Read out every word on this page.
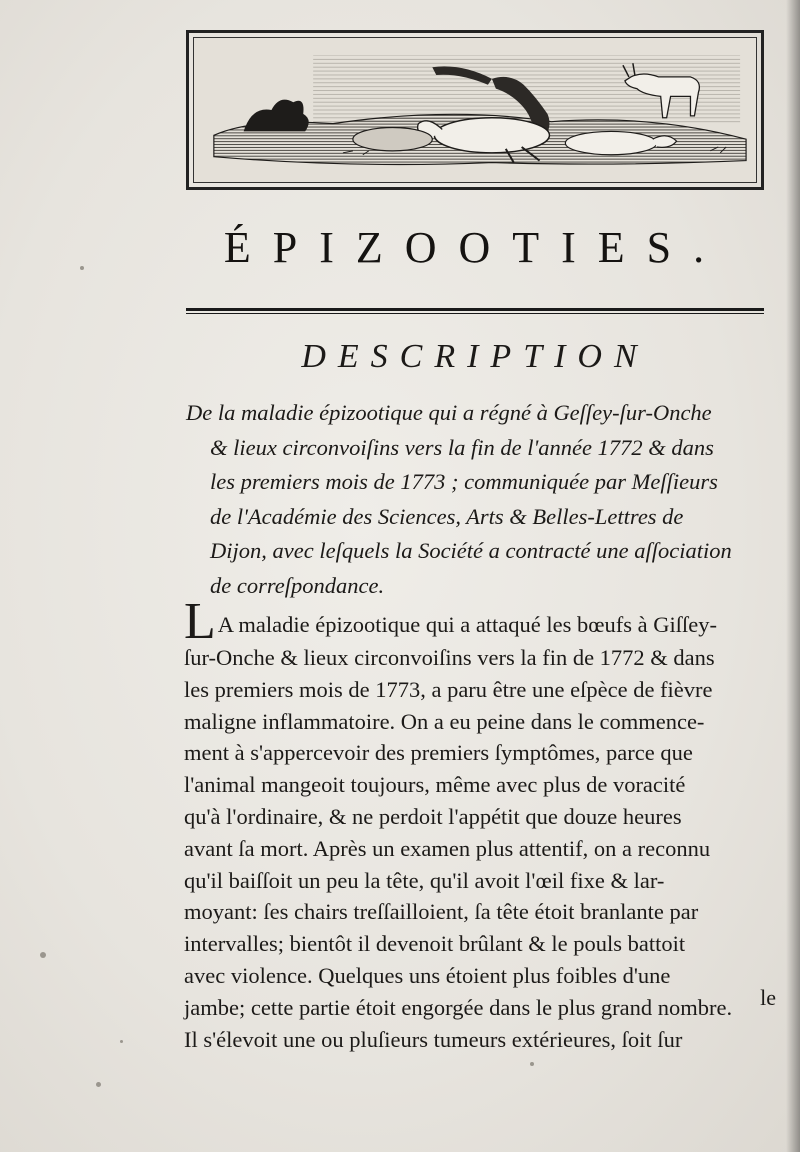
ÉPIZOOTIES.
DESCRIPTION
De la maladie épizootique qui a régné à Geſſey-ſur-Onche
& lieux circonvoiſins vers la fin de l'année 1772 & dans
les premiers mois de 1773 ; communiquée par Meſſieurs
de l'Académie des Sciences, Arts & Belles-Lettres de
Dijon, avec leſquels la Société a contracté une aſſociation
de correſpondance.
LA maladie épizootique qui a attaqué les bœufs à Giſſey-
ſur-Onche & lieux circonvoiſins vers la fin de 1772 & dans
les premiers mois de 1773, a paru être une eſpèce de fièvre
maligne inflammatoire. On a eu peine dans le commence-
ment à s'appercevoir des premiers ſymptômes, parce que
l'animal mangeoit toujours, même avec plus de voracité
qu'à l'ordinaire, & ne perdoit l'appétit que douze heures
avant ſa mort. Après un examen plus attentif, on a reconnu
qu'il baiſſoit un peu la tête, qu'il avoit l'œil fixe & lar-
moyant: ſes chairs treſſailloient, ſa tête étoit branlante par
intervalles; bientôt il devenoit brûlant & le pouls battoit
avec violence. Quelques uns étoient plus foibles d'une
jambe; cette partie étoit engorgée dans le plus grand nombre.
Il s'élevoit une ou pluſieurs tumeurs extérieures, ſoit ſur
le
